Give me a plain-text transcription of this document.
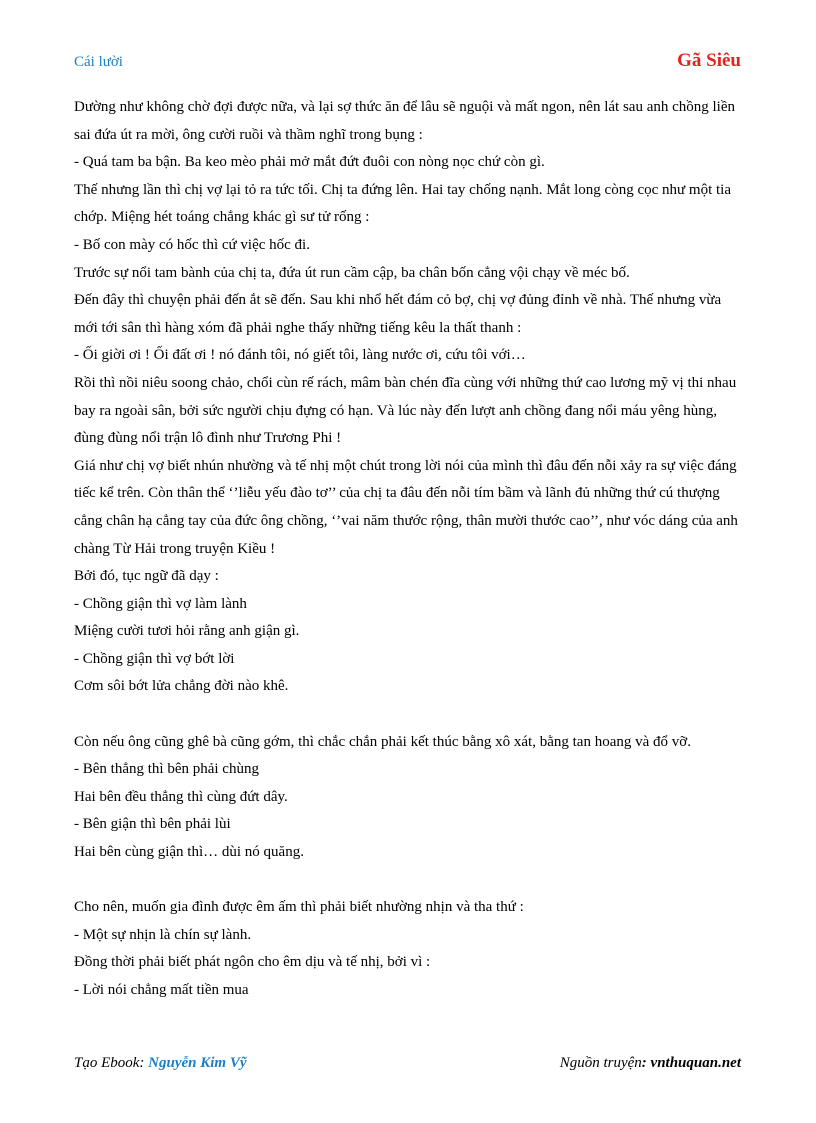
Cái lười	Gã Siêu

Dường như không chờ đợi được nữa, và lại sợ thức ăn để lâu sẽ nguội và mất ngon, nên lát sau anh chồng liền sai đứa út ra mời, ông cười ruồi và thầm nghĩ trong bụng :

- Quá tam ba bận. Ba keo mèo phải mở mắt đứt đuôi con nòng nọc chứ còn gì.

Thế nhưng lần thì chị vợ lại tỏ ra tức tối. Chị ta đứng lên. Hai tay chống nạnh. Mắt long còng cọc như một tia chớp. Miệng hét toáng chẳng khác gì sư tử rống :

- Bố con mày có hốc thì cứ việc hốc đi.

Trước sự nổi tam bành của chị ta, đứa út run cầm cập, ba chân bốn cẳng vội chạy về méc bố.

Đến đây thì chuyện phải đến ắt sẽ đến. Sau khi nhổ hết đám cỏ bợ, chị vợ đủng đỉnh về nhà. Thế nhưng vừa mới tới sân thì hàng xóm đã phải nghe thấy những tiếng kêu la thất thanh :

- Ối giời ơi ! Ối đất ơi ! nó đánh tôi, nó giết tôi, làng nước ơi, cứu tôi với…

Rồi thì nồi niêu soong chảo, chổi cùn rế rách, mâm bàn chén đĩa cùng với những thứ cao lương mỹ vị thi nhau bay ra ngoài sân, bởi sức người chịu đựng có hạn. Và lúc này đến lượt anh chồng đang nổi máu yêng hùng, đùng đùng nổi trận lô đình như Trương Phi !

Giá như chị vợ biết nhún nhường và tế nhị một chút trong lời nói của mình thì đâu đến nỗi xảy ra sự việc đáng tiếc kể trên. Còn thân thể ‘’liễu yếu đào tơ’’ của chị ta đâu đến nỗi tím bầm và lãnh đủ những thứ cú thượng cẳng chân hạ cẳng tay của đức ông chồng, ‘’vai năm thước rộng, thân mười thước cao’’, như vóc dáng của anh chàng Từ Hải trong truyện Kiều !

Bởi đó, tục ngữ đã dạy :

- Chồng giận thì vợ làm lành

Miệng cười tươi hỏi rằng anh giận gì.

- Chồng giận thì vợ bớt lời

Cơm sôi bớt lửa chẳng đời nào khê.

Còn nếu ông cũng ghê bà cũng gớm, thì chắc chắn phải kết thúc bằng xô xát, bằng tan hoang và đổ vỡ.

- Bên thẳng thì bên phải chùng

Hai bên đều thẳng thì cùng đứt dây.

- Bên giận thì bên phải lùi

Hai bên cùng giận thì… dùi nó quăng.

Cho nên, muốn gia đình được êm ấm thì phải biết nhường nhịn và tha thứ :

- Một sự nhịn là chín sự lành.

Đồng thời phải biết phát ngôn cho êm dịu và tế nhị, bởi vì :

- Lời nói chẳng mất tiền mua

Tạo Ebook: Nguyễn Kim Vỹ	Nguồn truyện: vnthuquan.net
